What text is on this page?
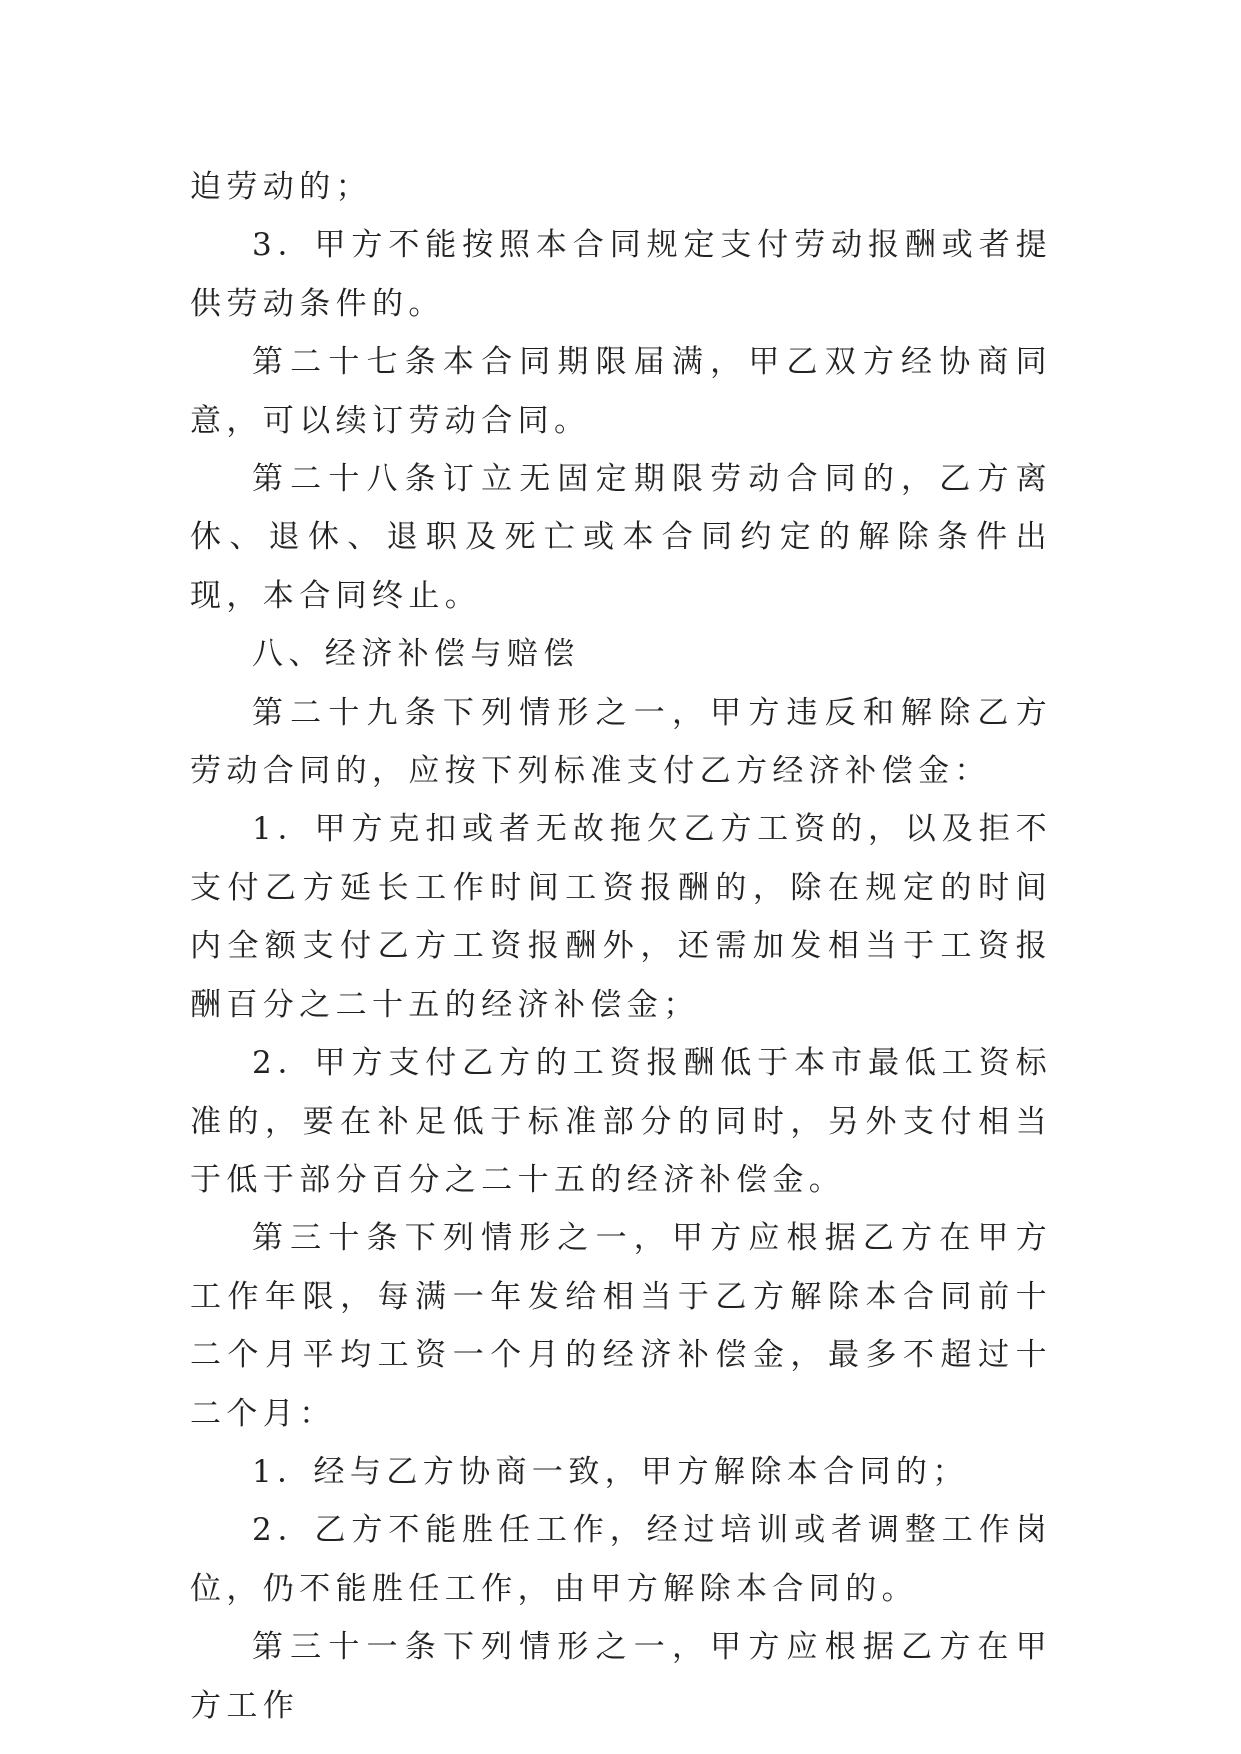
迫劳动的；

3．甲方不能按照本合同规定支付劳动报酬或者提供劳动条件的。

第二十七条本合同期限届满，甲乙双方经协商同意，可以续订劳动合同。

第二十八条订立无固定期限劳动合同的，乙方离休、退休、退职及死亡或本合同约定的解除条件出现，本合同终止。

八、经济补偿与赔偿

第二十九条下列情形之一，甲方违反和解除乙方劳动合同的，应按下列标准支付乙方经济补偿金：

1．甲方克扣或者无故拖欠乙方工资的，以及拒不支付乙方延长工作时间工资报酬的，除在规定的时间内全额支付乙方工资报酬外，还需加发相当于工资报酬百分之二十五的经济补偿金；

2．甲方支付乙方的工资报酬低于本市最低工资标准的，要在补足低于标准部分的同时，另外支付相当于低于部分百分之二十五的经济补偿金。

第三十条下列情形之一，甲方应根据乙方在甲方工作年限，每满一年发给相当于乙方解除本合同前十二个月平均工资一个月的经济补偿金，最多不超过十二个月：

1．经与乙方协商一致，甲方解除本合同的；

2．乙方不能胜任工作，经过培训或者调整工作岗位，仍不能胜任工作，由甲方解除本合同的。

第三十一条下列情形之一，甲方应根据乙方在甲方工作
